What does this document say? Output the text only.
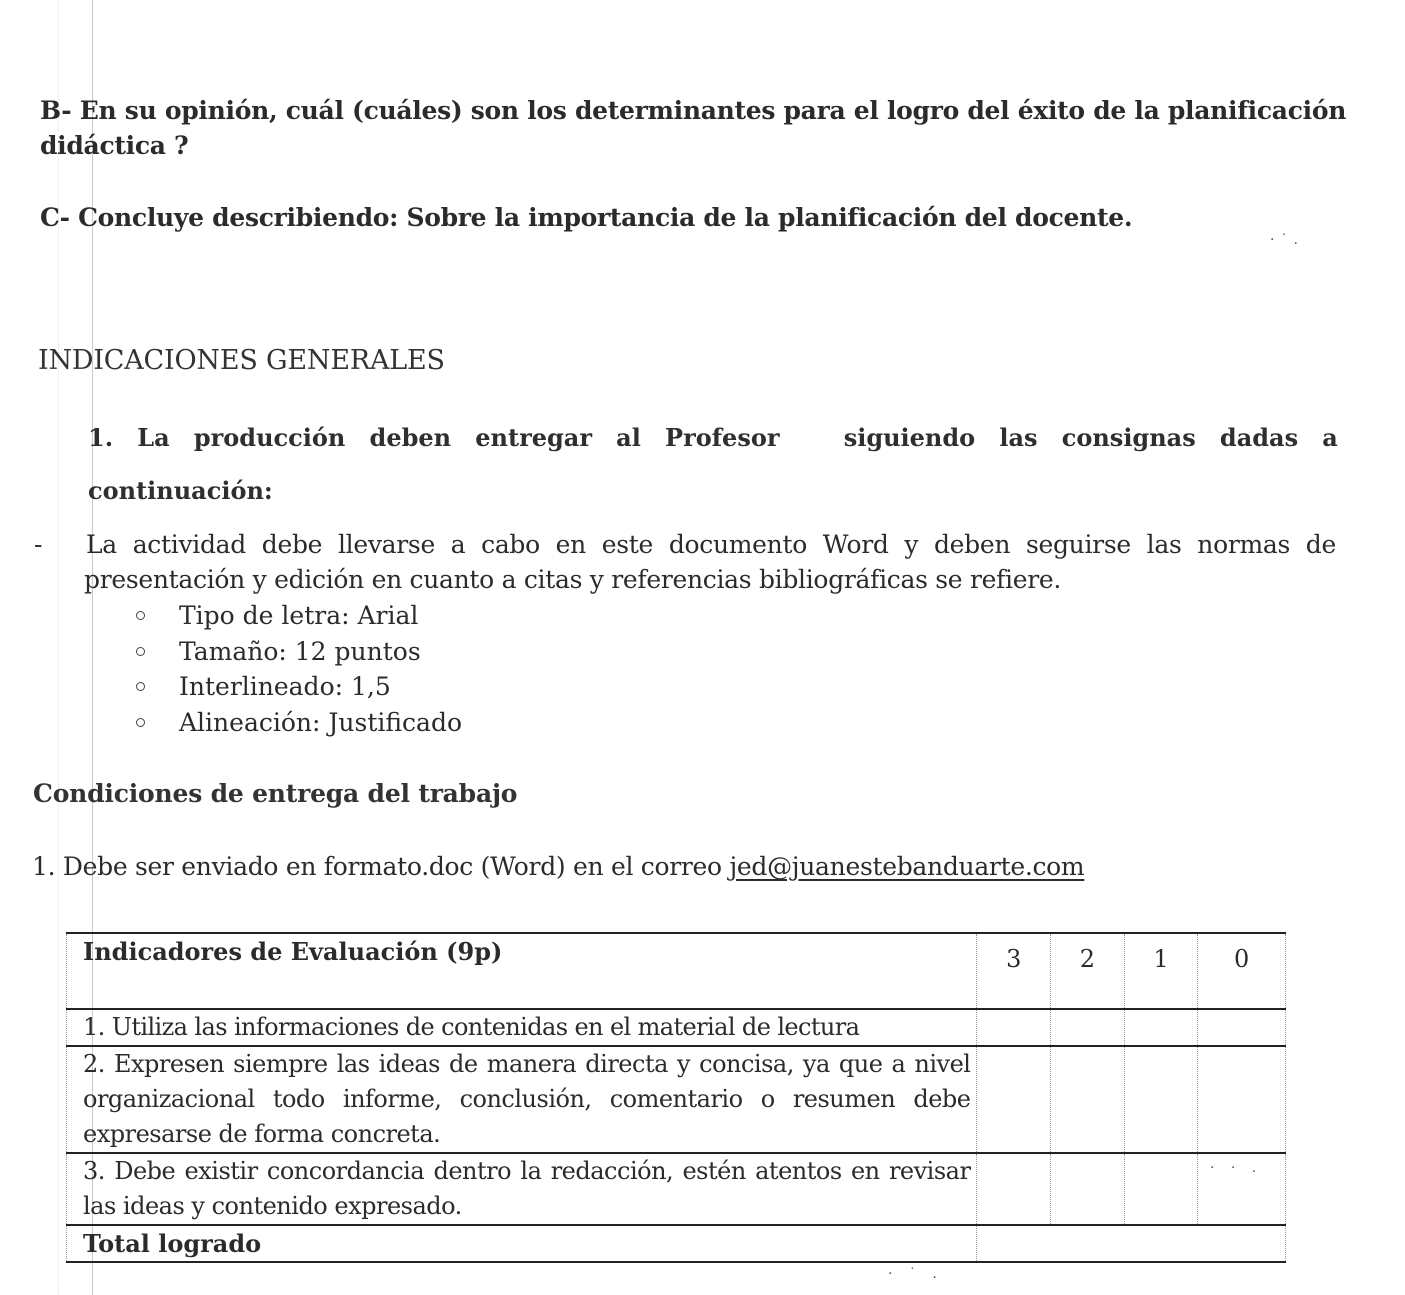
B- En su opinión, cuál (cuáles) son los determinantes para el logro del éxito de la planificación
didáctica ?
C- Concluye describiendo: Sobre la importancia de la planificación del docente.
·˙.
INDICACIONES GENERALES
1. La producción deben entregar al Profesor	siguiendo las consignas dadas a
continuación:
- La actividad debe llevarse a cabo en este documento Word y deben seguirse las normas de
presentación y edición en cuanto a citas y referencias bibliográficas se refiere.
Tipo de letra: Arial
Tamaño: 12 puntos
Interlineado: 1,5
Alineación: Justificado
Condiciones de entrega del trabajo
1. Debe ser enviado en formato.doc (Word) en el correo jed@juanestebanduarte.com
Indicadores de Evaluación (9p)	3	2	1	0
1. Utiliza las informaciones de contenidas en el material de lectura				
2. Expresen siempre las ideas de manera directa y concisa, ya que a nivel organizacional todo informe, conclusión, comentario o resumen debe expresarse de forma concreta.				
3. Debe existir concordancia dentro la redacción, estén atentos en revisar las ideas y contenido expresado.				
Total logrado				
· · .
· ˙ .
